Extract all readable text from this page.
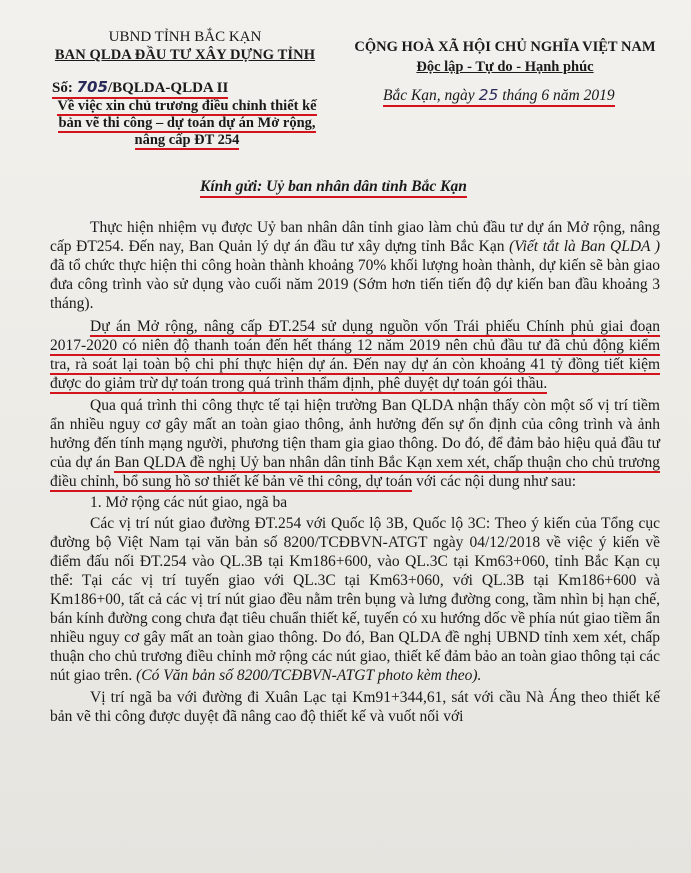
UBND TỈNH BẮC KẠN
BAN QLDA ĐẦU TƯ XÂY DỰNG TỈNH	CỘNG HOÀ XÃ HỘI CHỦ NGHĨA VIỆT NAM
Độc lập - Tự do - Hạnh phúc
Số: 705/BQLDA-QLDA II	Bắc Kạn, ngày 25 tháng 6 năm 2019
Về việc xin chủ trương điều chỉnh thiết kế bản vẽ thi công – dự toán dự án Mở rộng, nâng cấp ĐT 254
Kính gửi: Uỷ ban nhân dân tỉnh Bắc Kạn

Thực hiện nhiệm vụ được Uỷ ban nhân dân tỉnh giao làm chủ đầu tư dự án Mở rộng, nâng cấp ĐT254. Đến nay, Ban Quản lý dự án đầu tư xây dựng tỉnh Bắc Kạn (Viết tắt là Ban QLDA ) đã tổ chức thực hiện thi công hoàn thành khoảng 70% khối lượng hoàn thành, dự kiến sẽ bàn giao đưa công trình vào sử dụng vào cuối năm 2019 (Sớm hơn tiến tiến độ dự kiến ban đầu khoảng 3 tháng).

Dự án Mở rộng, nâng cấp ĐT.254 sử dụng nguồn vốn Trái phiếu Chính phủ giai đoạn 2017-2020 có niên độ thanh toán đến hết tháng 12 năm 2019 nên chủ đầu tư đã chủ động kiểm tra, rà soát lại toàn bộ chi phí thực hiện dự án. Đến nay dự án còn khoảng 41 tỷ đồng tiết kiệm được do giảm trừ dự toán trong quá trình thẩm định, phê duyệt dự toán gói thầu.

Qua quá trình thi công thực tế tại hiện trường Ban QLDA nhận thấy còn một số vị trí tiềm ẩn nhiều nguy cơ gây mất an toàn giao thông, ảnh hưởng đến sự ổn định của công trình và ảnh hưởng đến tính mạng người, phương tiện tham gia giao thông. Do đó, để đảm bảo hiệu quả đầu tư của dự án Ban QLDA đề nghị Uỷ ban nhân dân tỉnh Bắc Kạn xem xét, chấp thuận cho chủ trương điều chỉnh, bổ sung hồ sơ thiết kế bản vẽ thi công, dự toán với các nội dung như sau:

1. Mở rộng các nút giao, ngã ba

Các vị trí nút giao đường ĐT.254 với Quốc lộ 3B, Quốc lộ 3C: Theo ý kiến của Tổng cục đường bộ Việt Nam tại văn bản số 8200/TCĐBVN-ATGT ngày 04/12/2018 về việc ý kiến về điểm đấu nối ĐT.254 vào QL.3B tại Km186+600, vào QL.3C tại Km63+060, tỉnh Bắc Kạn cụ thể: Tại các vị trí tuyến giao với QL.3C tại Km63+060, với QL.3B tại Km186+600 và Km186+00, tất cả các vị trí nút giao đều nằm trên bụng và lưng đường cong, tầm nhìn bị hạn chế, bán kính đường cong chưa đạt tiêu chuẩn thiết kế, tuyến có xu hướng dốc về phía nút giao tiềm ẩn nhiều nguy cơ gây mất an toàn giao thông. Do đó, Ban QLDA đề nghị UBND tỉnh xem xét, chấp thuận cho chủ trương điều chỉnh mở rộng các nút giao, thiết kế đảm bảo an toàn giao thông tại các nút giao trên. (Có Văn bản số 8200/TCĐBVN-ATGT photo kèm theo).

Vị trí ngã ba với đường đi Xuân Lạc tại Km91+344,61, sát với cầu Nà Áng theo thiết kế bản vẽ thi công được duyệt đã nâng cao độ thiết kế và vuốt nối với
